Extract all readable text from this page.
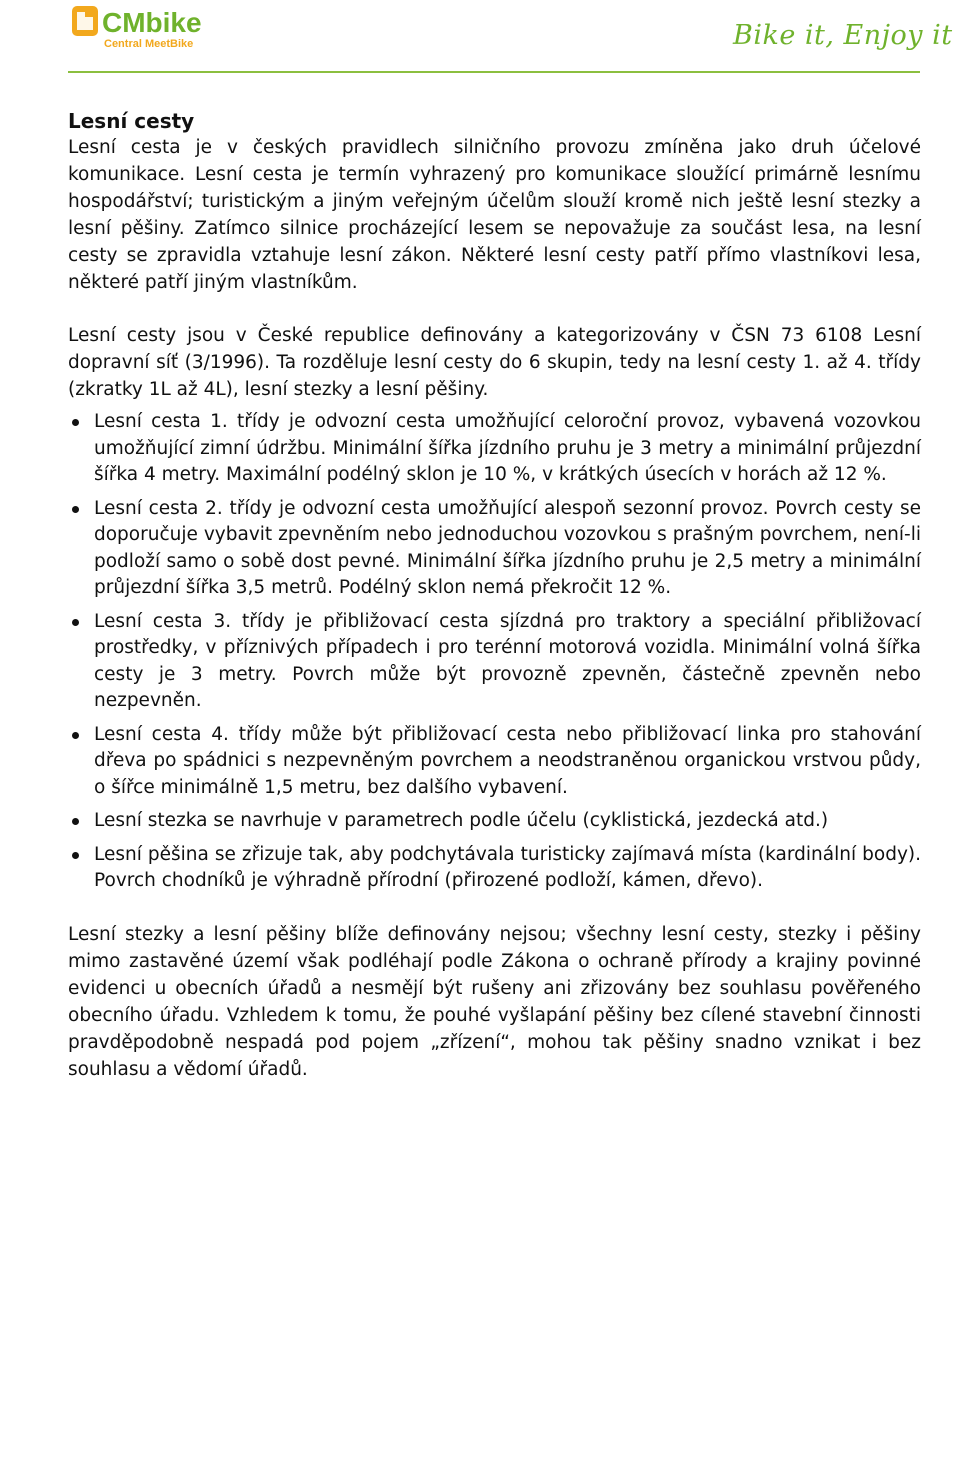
CMbike
Central MeetBike	Bike it, Enjoy it
Lesní cesty

Lesní cesta je v českých pravidlech silničního provozu zmíněna jako druh účelové komunikace. Lesní cesta je termín vyhrazený pro komunikace sloužící primárně lesnímu hospodářství; turistickým a jiným veřejným účelům slouží kromě nich ještě lesní stezky a lesní pěšiny. Zatímco silnice procházející lesem se nepovažuje za součást lesa, na lesní cesty se zpravidla vztahuje lesní zákon. Některé lesní cesty patří přímo vlastníkovi lesa, některé patří jiným vlastníkům.

Lesní cesty jsou v České republice definovány a kategorizovány v ČSN 73 6108 Lesní dopravní síť (3/1996). Ta rozděluje lesní cesty do 6 skupin, tedy na lesní cesty 1. až 4. třídy (zkratky 1L až 4L), lesní stezky a lesní pěšiny.

Lesní cesta 1. třídy je odvozní cesta umožňující celoroční provoz, vybavená vozovkou umožňující zimní údržbu. Minimální šířka jízdního pruhu je 3 metry a minimální průjezdní šířka 4 metry. Maximální podélný sklon je 10 %, v krátkých úsecích v horách až 12 %.
Lesní cesta 2. třídy je odvozní cesta umožňující alespoň sezonní provoz. Povrch cesty se doporučuje vybavit zpevněním nebo jednoduchou vozovkou s prašným povrchem, není-li podloží samo o sobě dost pevné. Minimální šířka jízdního pruhu je 2,5 metry a minimální průjezdní šířka 3,5 metrů. Podélný sklon nemá překročit 12 %.
Lesní cesta 3. třídy je přibližovací cesta sjízdná pro traktory a speciální přibližovací prostředky, v příznivých případech i pro terénní motorová vozidla. Minimální volná šířka cesty je 3 metry. Povrch může být provozně zpevněn, částečně zpevněn nebo nezpevněn.
Lesní cesta 4. třídy může být přibližovací cesta nebo přibližovací linka pro stahování dřeva po spádnici s nezpevněným povrchem a neodstraněnou organickou vrstvou půdy, o šířce minimálně 1,5 metru, bez dalšího vybavení.
Lesní stezka se navrhuje v parametrech podle účelu (cyklistická, jezdecká atd.)
Lesní pěšina se zřizuje tak, aby podchytávala turisticky zajímavá místa (kardinální body). Povrch chodníků je výhradně přírodní (přirozené podloží, kámen, dřevo).

Lesní stezky a lesní pěšiny blíže definovány nejsou; všechny lesní cesty, stezky i pěšiny mimo zastavěné území však podléhají podle Zákona o ochraně přírody a krajiny povinné evidenci u obecních úřadů a nesmějí být rušeny ani zřizovány bez souhlasu pověřeného obecního úřadu. Vzhledem k tomu, že pouhé vyšlapání pěšiny bez cílené stavební činnosti pravděpodobně nespadá pod pojem „zřízení“, mohou tak pěšiny snadno vznikat i bez souhlasu a vědomí úřadů.
